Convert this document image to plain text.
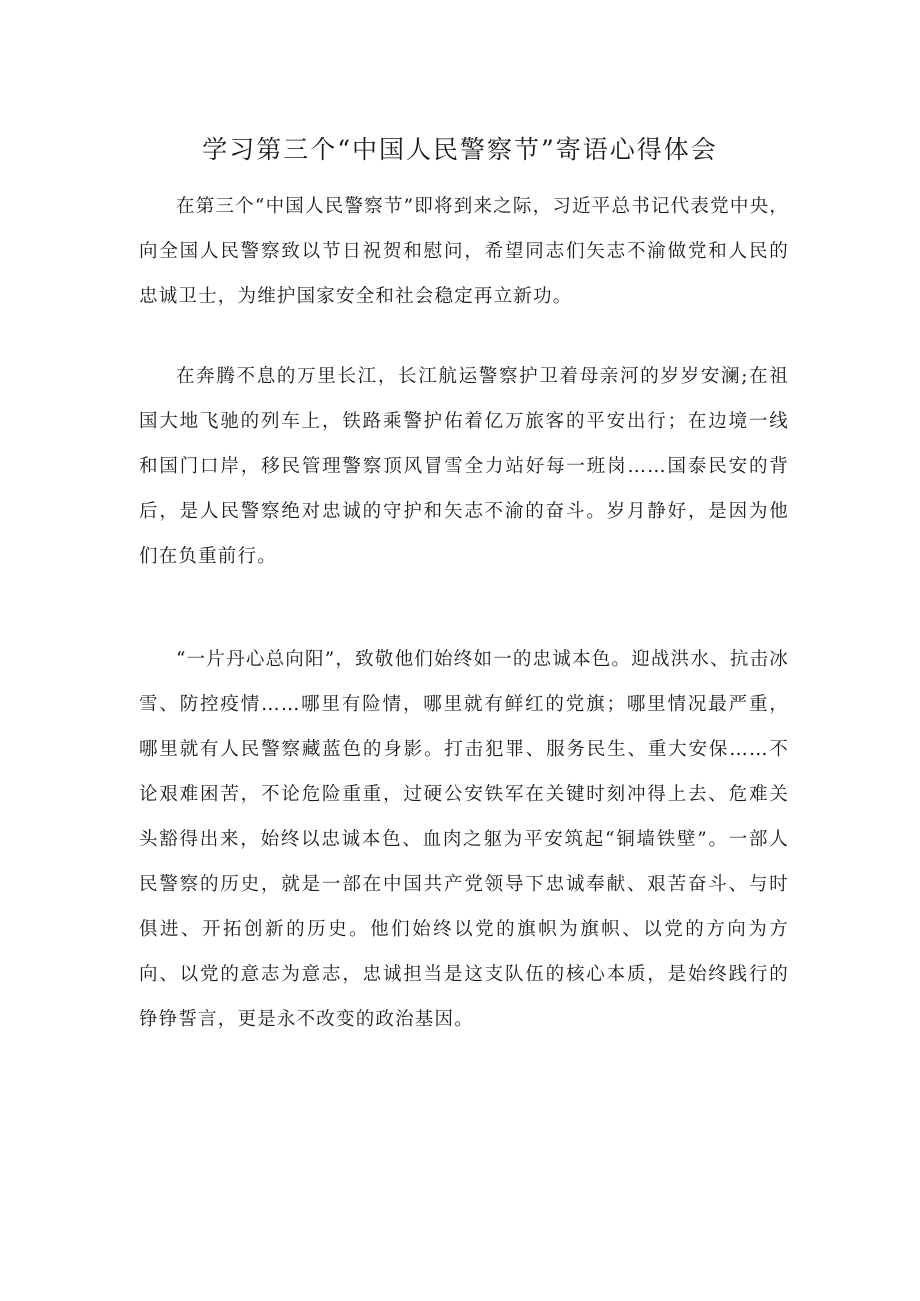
学习第三个“中国人民警察节”寄语心得体会

在第三个“中国人民警察节”即将到来之际，习近平总书记代表党中央，向全国人民警察致以节日祝贺和慰问，希望同志们矢志不渝做党和人民的忠诚卫士，为维护国家安全和社会稳定再立新功。

在奔腾不息的万里长江，长江航运警察护卫着母亲河的岁岁安澜;在祖国大地飞驰的列车上，铁路乘警护佑着亿万旅客的平安出行；在边境一线和国门口岸，移民管理警察顶风冒雪全力站好每一班岗……国泰民安的背后，是人民警察绝对忠诚的守护和矢志不渝的奋斗。岁月静好，是因为他们在负重前行。

“一片丹心总向阳”，致敬他们始终如一的忠诚本色。迎战洪水、抗击冰雪、防控疫情……哪里有险情，哪里就有鲜红的党旗；哪里情况最严重，哪里就有人民警察藏蓝色的身影。打击犯罪、服务民生、重大安保……不论艰难困苦，不论危险重重，过硬公安铁军在关键时刻冲得上去、危难关头豁得出来，始终以忠诚本色、血肉之躯为平安筑起“铜墙铁壁”。一部人民警察的历史，就是一部在中国共产党领导下忠诚奉献、艰苦奋斗、与时俱进、开拓创新的历史。他们始终以党的旗帜为旗帜、以党的方向为方向、以党的意志为意志，忠诚担当是这支队伍的核心本质，是始终践行的铮铮誓言，更是永不改变的政治基因。
